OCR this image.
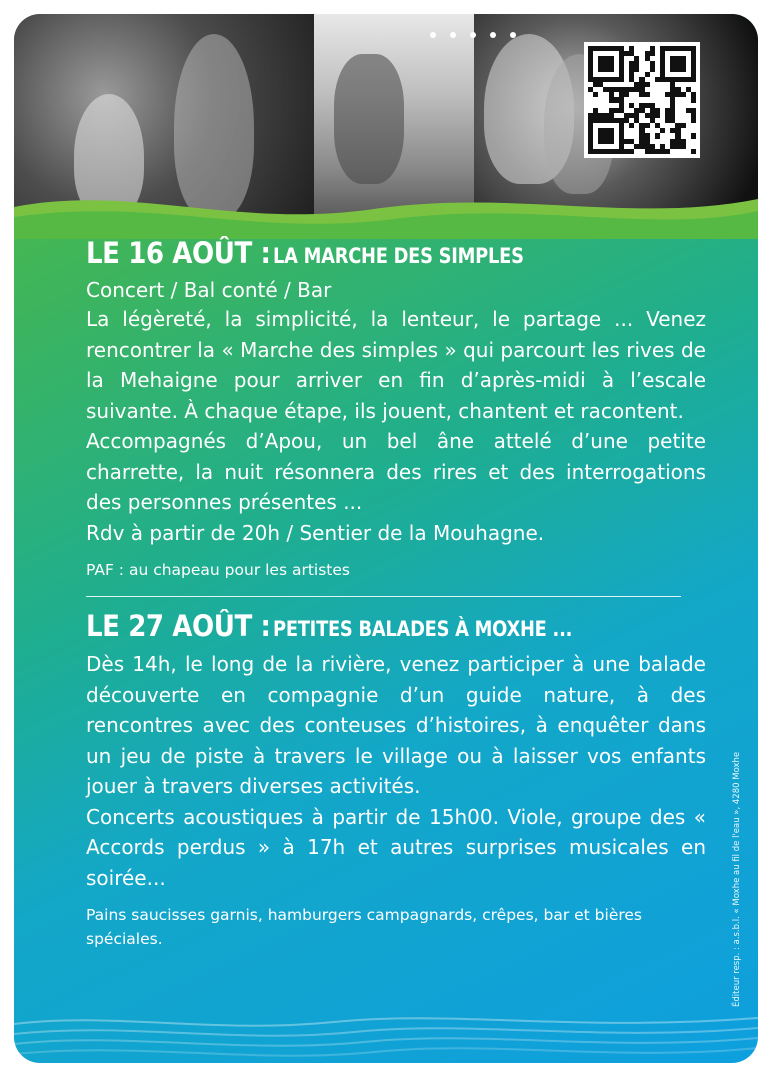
LE 16 AOÛT : LA MARCHE DES SIMPLES
Concert / Bal conté / Bar
La légèreté, la simplicité, la lenteur, le partage ... Venez rencontrer la « Marche des simples » qui parcourt les rives de la Mehaigne pour arriver en fin d’après-midi à l’escale suivante. À chaque étape, ils jouent, chantent et racontent.
Accompagnés d’Apou, un bel âne attelé d’une petite charrette, la nuit résonnera des rires et des interrogations des personnes présentes ...
Rdv à partir de 20h / Sentier de la Mouhagne.
PAF : au chapeau pour les artistes
LE 27 AOÛT : PETITES BALADES À MOXHE ...
Dès 14h, le long de la rivière, venez participer à une balade découverte en compagnie d’un guide nature, à des rencontres avec des conteuses d’histoires, à enquêter dans un jeu de piste à travers le village ou à laisser vos enfants jouer à travers diverses activités.
Concerts acoustiques à partir de 15h00. Viole, groupe des « Accords perdus » à 17h et autres surprises musicales en soirée...
Pains saucisses garnis, hamburgers campagnards, crêpes, bar et bières spéciales.	Éditeur resp. : a.s.b.l. « Moxhe au fil de l'eau », 4280 Moxhe
